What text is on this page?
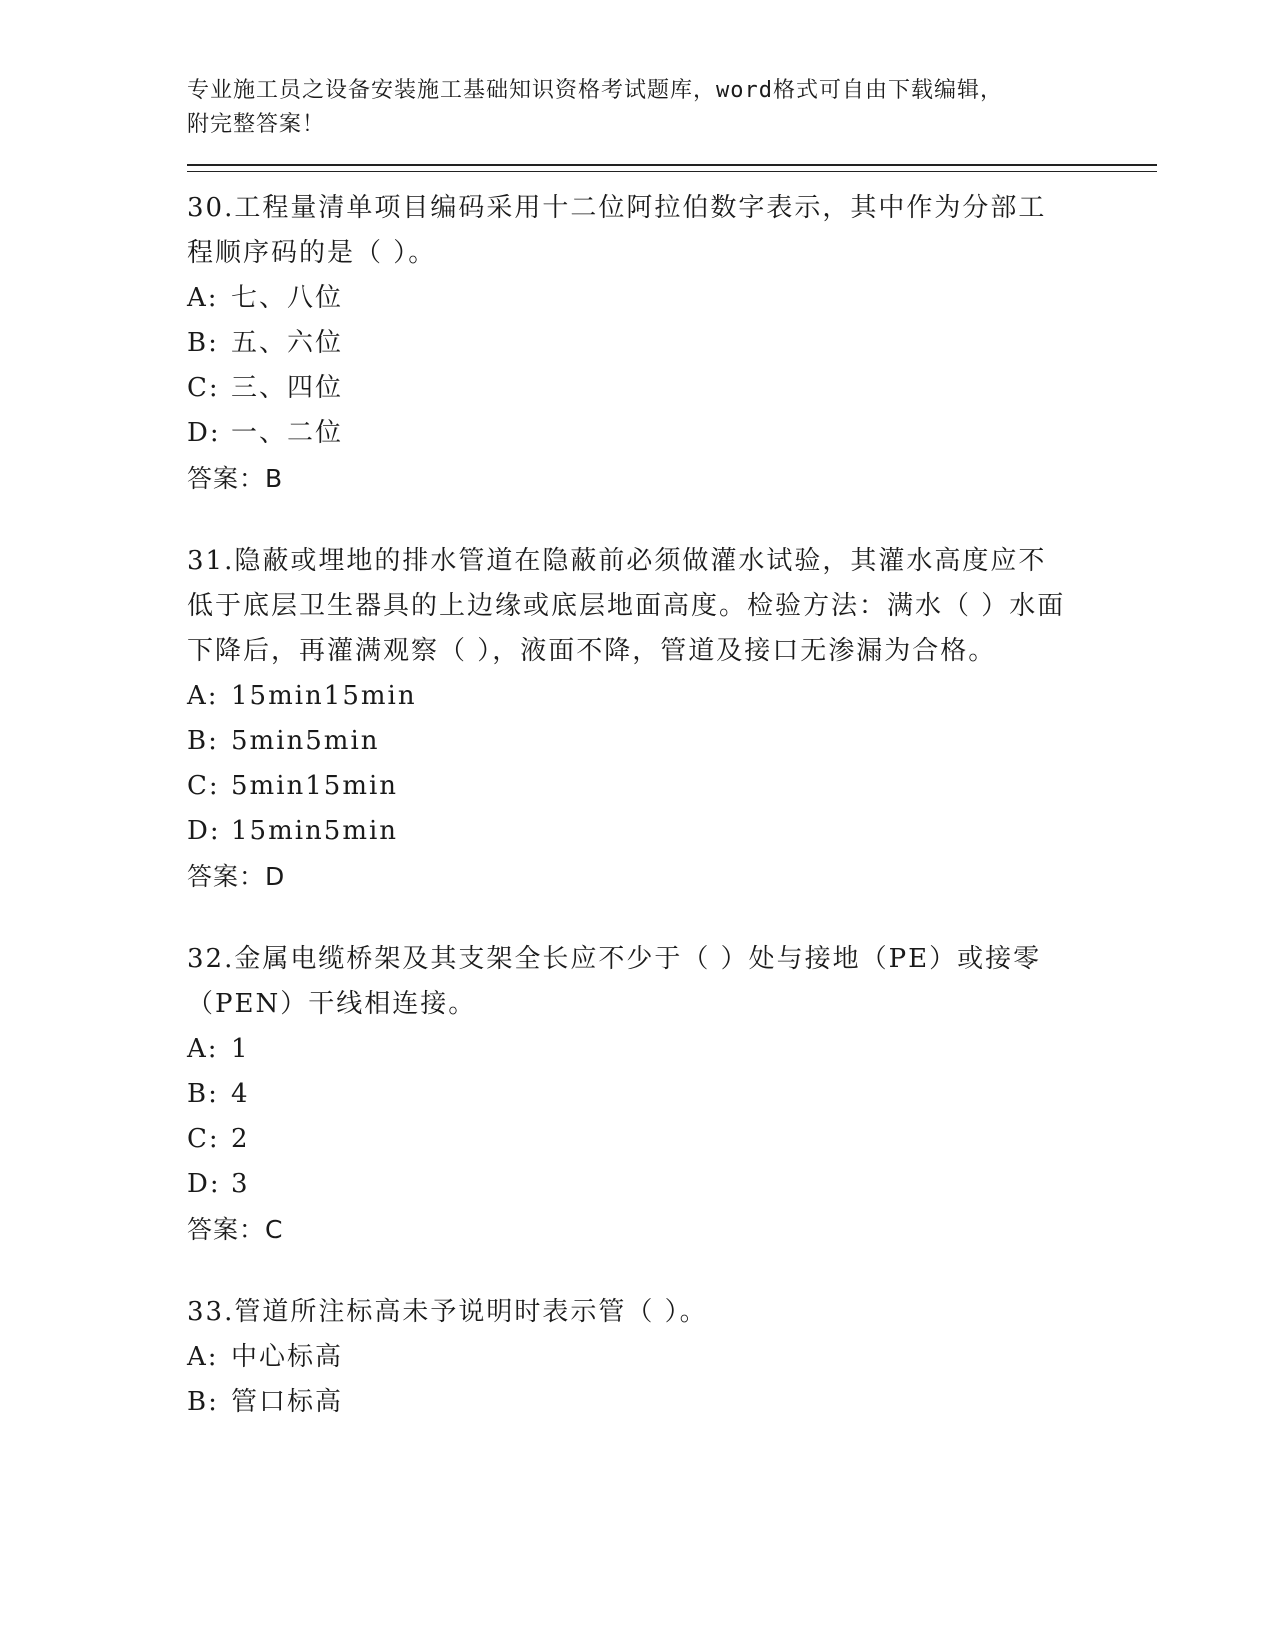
专业施工员之设备安装施工基础知识资格考试题库，word格式可自由下载编辑，
附完整答案！

30.工程量清单项目编码采用十二位阿拉伯数字表示，其中作为分部工程顺序码的是（ ）。

A: 七、八位

B: 五、六位

C: 三、四位

D: 一、二位

答案：B

31.隐蔽或埋地的排水管道在隐蔽前必须做灌水试验，其灌水高度应不低于底层卫生器具的上边缘或底层地面高度。检验方法：满水（ ）水面下降后，再灌满观察（ ），液面不降，管道及接口无渗漏为合格。

A: 15min15min

B: 5min5min

C: 5min15min

D: 15min5min

答案：D

32.金属电缆桥架及其支架全长应不少于（ ）处与接地（PE）或接零（PEN）干线相连接。

A: 1

B: 4

C: 2

D: 3

答案：C

33.管道所注标高未予说明时表示管（ ）。

A: 中心标高

B: 管口标高
